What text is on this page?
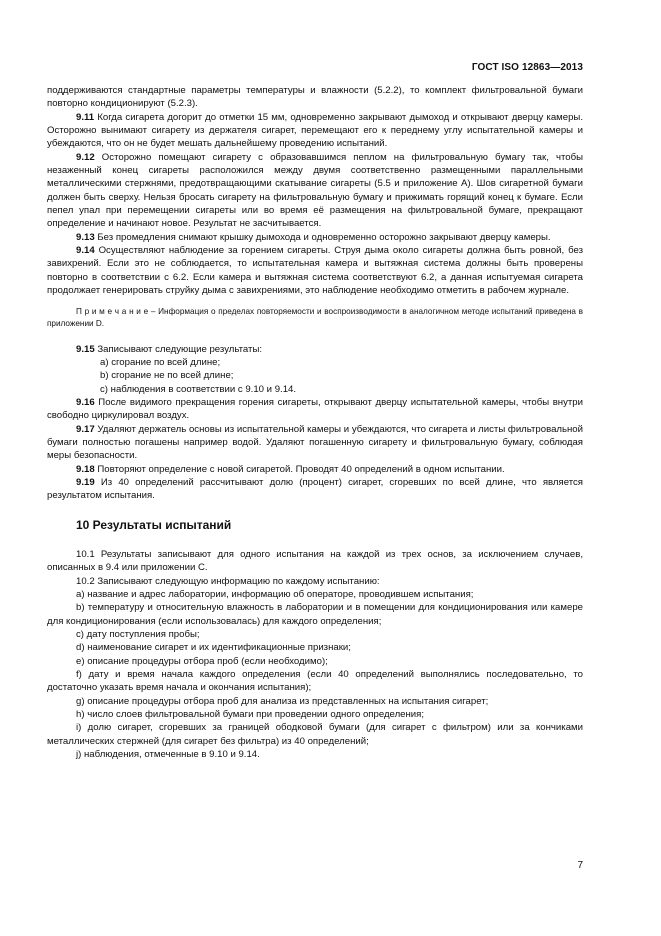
ГОСТ ISO 12863—2013

поддерживаются стандартные параметры температуры и влажности (5.2.2), то комплект фильтровальной бумаги повторно кондиционируют (5.2.3).

9.11 Когда сигарета догорит до отметки 15 мм, одновременно закрывают дымоход и открывают дверцу камеры. Осторожно вынимают сигарету из держателя сигарет, перемещают его к переднему углу испытательной камеры и убеждаются, что он не будет мешать дальнейшему проведению испытаний.

9.12 Осторожно помещают сигарету с образовавшимся пеплом на фильтровальную бумагу так, чтобы незаженный конец сигареты расположился между двумя соответственно размещенными параллельными металлическими стержнями, предотвращающими скатывание сигареты (5.5 и приложение А). Шов сигаретной бумаги должен быть сверху. Нельзя бросать сигарету на фильтровальную бумагу и прижимать горящий конец к бумаге. Если пепел упал при перемещении сигареты или во время её размещения на фильтровальной бумаге, прекращают определение и начинают новое. Результат не засчитывается.

9.13 Без промедления снимают крышку дымохода и одновременно осторожно закрывают дверцу камеры.

9.14 Осуществляют наблюдение за горением сигареты. Струя дыма около сигареты должна быть ровной, без завихрений. Если это не соблюдается, то испытательная камера и вытяжная система должны быть проверены повторно в соответствии с 6.2. Если камера и вытяжная система соответствуют 6.2, а данная испытуемая сигарета продолжает генерировать струйку дыма с завихрениями, это наблюдение необходимо отметить в рабочем журнале.

П р и м е ч а н и е – Информация о пределах повторяемости и воспроизводимости в аналогичном методе испытаний приведена в приложении D.

9.15 Записывают следующие результаты:

а) сгорание по всей длине;

b) сгорание не по всей длине;

c) наблюдения в соответствии с 9.10 и 9.14.

9.16 После видимого прекращения горения сигареты, открывают дверцу испытательной камеры, чтобы внутри свободно циркулировал воздух.

9.17 Удаляют держатель основы из испытательной камеры и убеждаются, что сигарета и листы фильтровальной бумаги полностью погашены например водой. Удаляют погашенную сигарету и фильтровальную бумагу, соблюдая меры безопасности.

9.18 Повторяют определение с новой сигаретой. Проводят 40 определений в одном испытании.

9.19 Из 40 определений рассчитывают долю (процент) сигарет, сгоревших по всей длине, что является результатом испытания.

10 Результаты испытаний

10.1 Результаты записывают для одного испытания на каждой из трех основ, за исключением случаев, описанных в 9.4 или приложении С.

10.2 Записывают следующую информацию по каждому испытанию:

а) название и адрес лаборатории, информацию об операторе, проводившем испытания;

b) температуру и относительную влажность в лаборатории и в помещении для кондиционирования или камере для кондиционирования (если использовалась) для каждого определения;

c) дату поступления пробы;

d) наименование сигарет и их идентификационные признаки;

е) описание процедуры отбора проб (если необходимо);

f) дату и время начала каждого определения (если 40 определений выполнялись последовательно, то достаточно указать время начала и окончания испытания);

g) описание процедуры отбора проб для анализа из представленных на испытания сигарет;

h) число слоев фильтровальной бумаги при проведении одного определения;

i) долю сигарет, сгоревших за границей ободковой бумаги (для сигарет с фильтром) или за кончиками металлических стержней (для сигарет без фильтра) из 40 определений;

j) наблюдения, отмеченные в 9.10 и 9.14.

7
